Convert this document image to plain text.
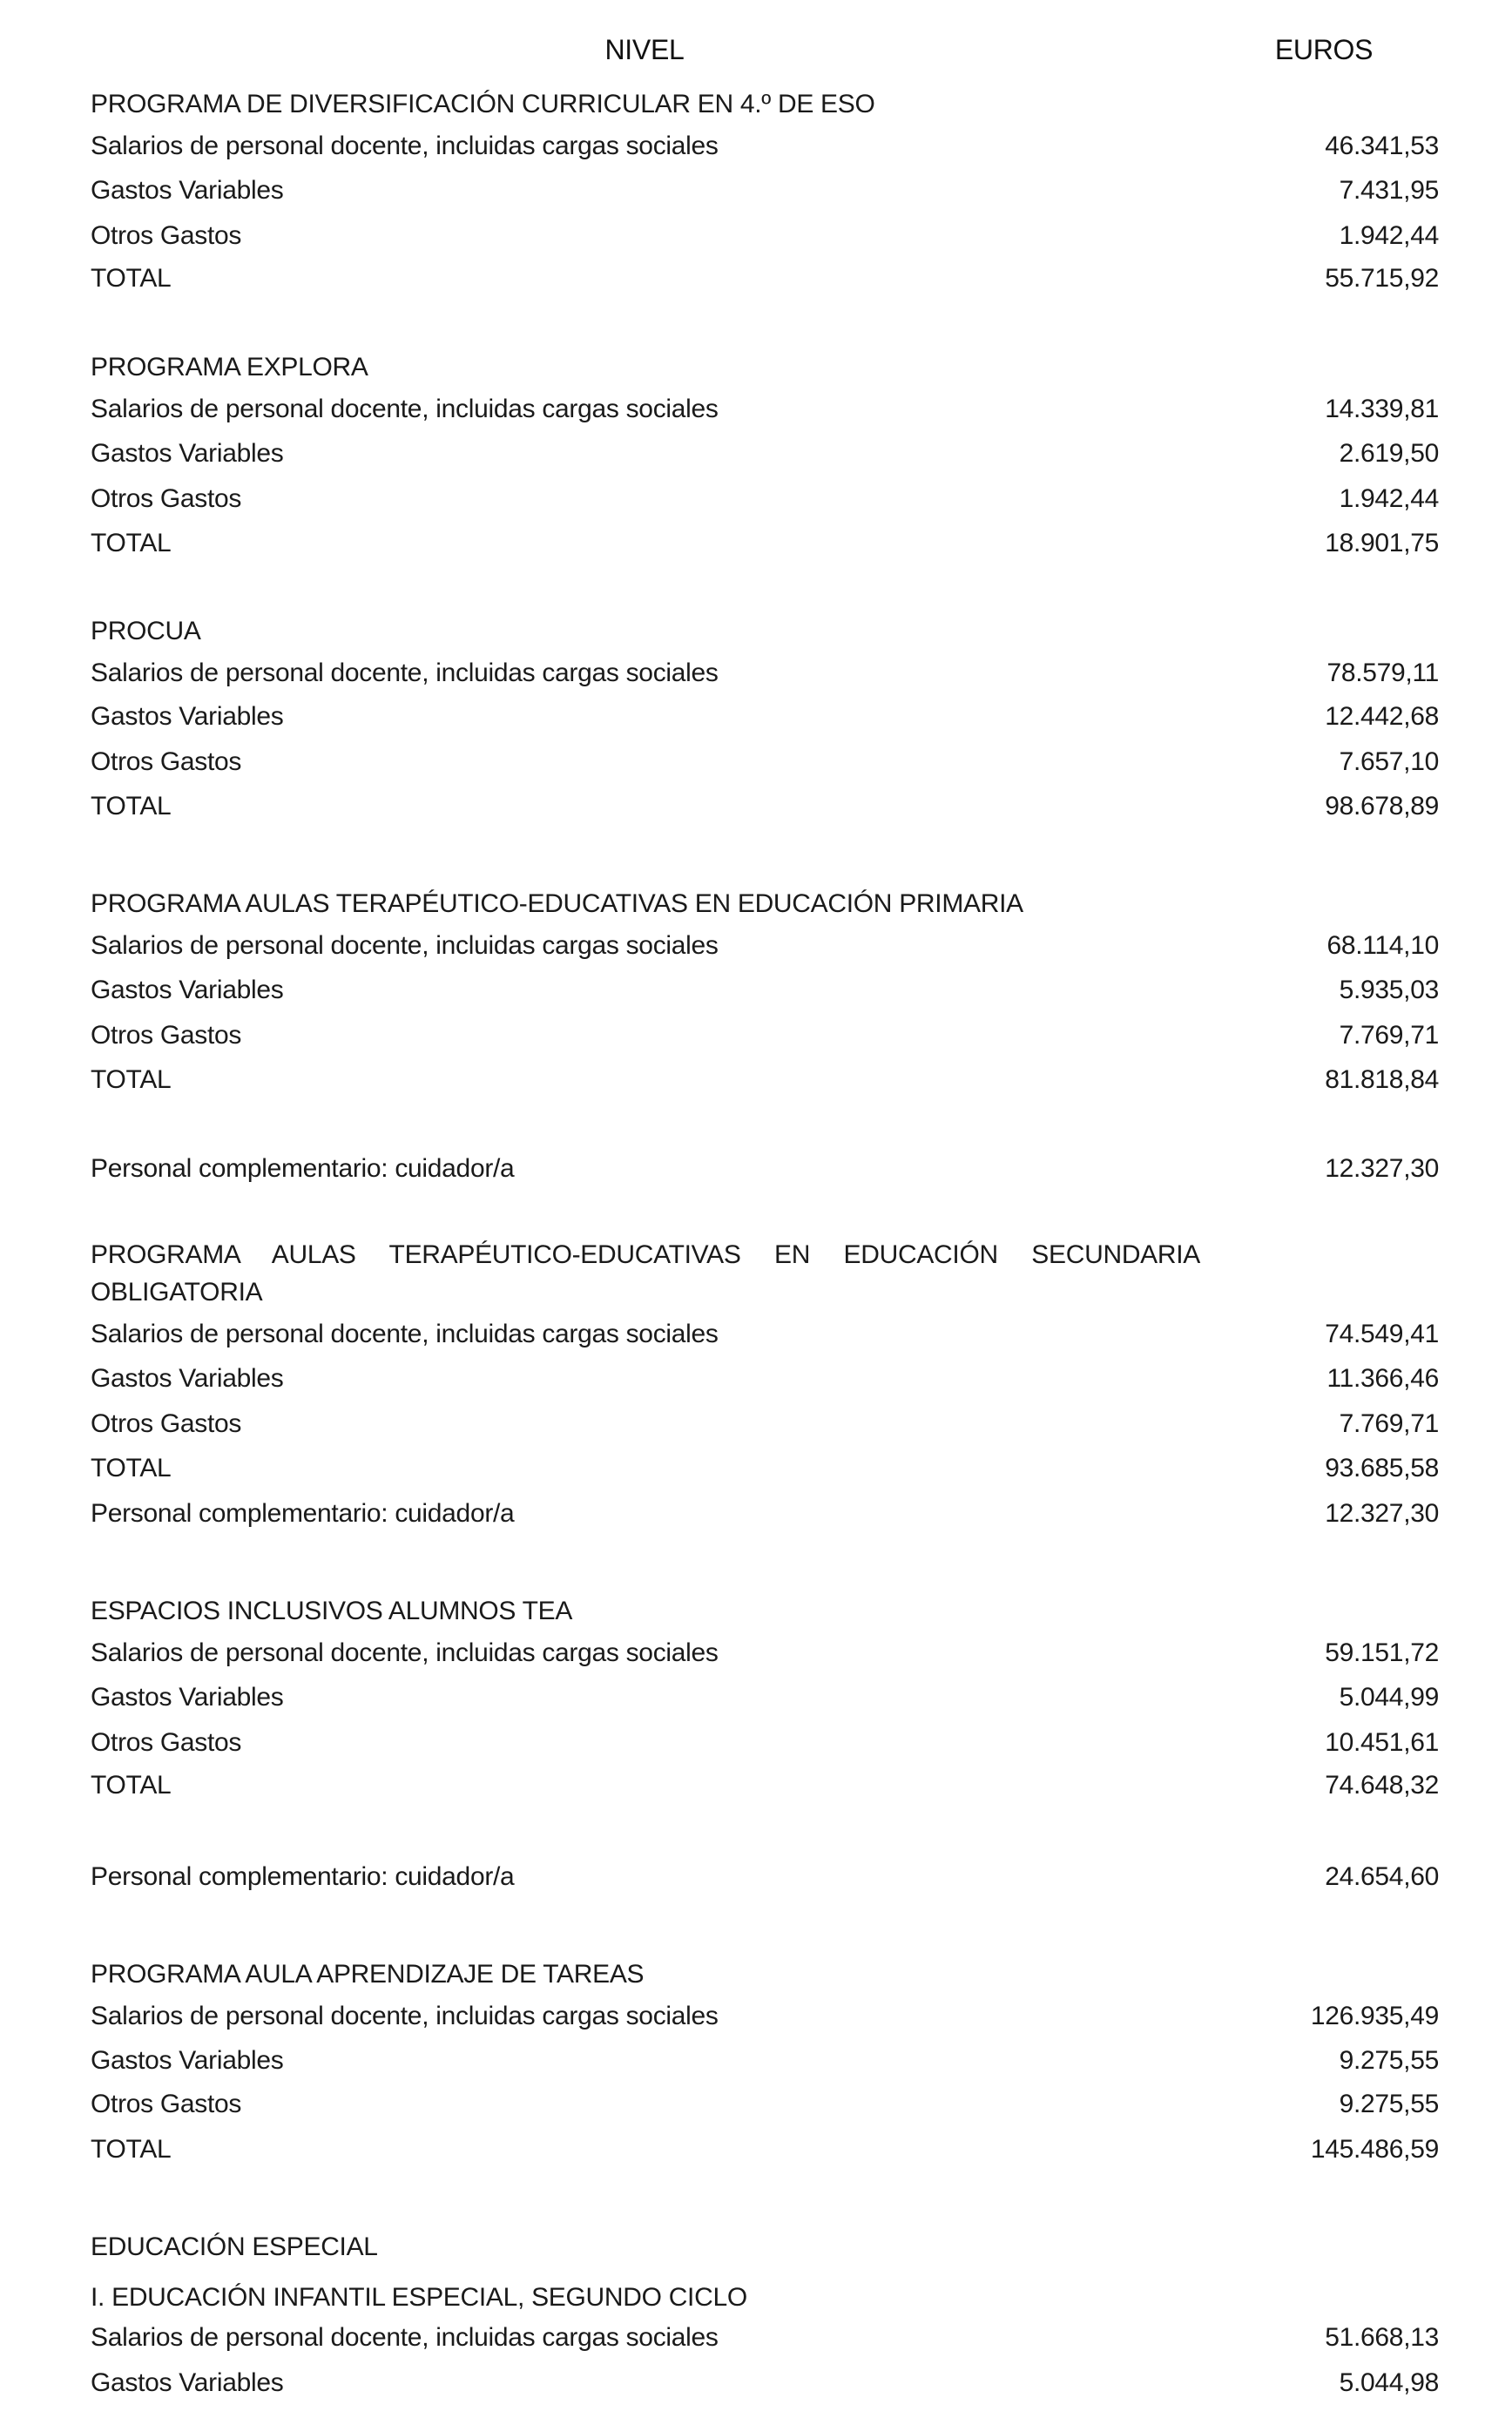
NIVEL	EUROS
PROGRAMA DE DIVERSIFICACIÓN CURRICULAR EN 4.º DE ESO
Salarios de personal docente, incluidas cargas sociales	46.341,53
Gastos Variables	7.431,95
Otros Gastos	1.942,44
TOTAL	55.715,92
PROGRAMA EXPLORA
Salarios de personal docente, incluidas cargas sociales	14.339,81
Gastos Variables	2.619,50
Otros Gastos	1.942,44
TOTAL	18.901,75
PROCUA
Salarios de personal docente, incluidas cargas sociales	78.579,11
Gastos Variables	12.442,68
Otros Gastos	7.657,10
TOTAL	98.678,89
PROGRAMA AULAS TERAPÉUTICO-EDUCATIVAS EN EDUCACIÓN PRIMARIA
Salarios de personal docente, incluidas cargas sociales	68.114,10
Gastos Variables	5.935,03
Otros Gastos	7.769,71
TOTAL	81.818,84
Personal complementario: cuidador/a	12.327,30
PROGRAMA AULAS TERAPÉUTICO-EDUCATIVAS EN EDUCACIÓN SECUNDARIA
OBLIGATORIA
Salarios de personal docente, incluidas cargas sociales	74.549,41
Gastos Variables	11.366,46
Otros Gastos	7.769,71
TOTAL	93.685,58
Personal complementario: cuidador/a	12.327,30
ESPACIOS INCLUSIVOS ALUMNOS TEA
Salarios de personal docente, incluidas cargas sociales	59.151,72
Gastos Variables	5.044,99
Otros Gastos	10.451,61
TOTAL	74.648,32
Personal complementario: cuidador/a	24.654,60
PROGRAMA AULA APRENDIZAJE DE TAREAS
Salarios de personal docente, incluidas cargas sociales	126.935,49
Gastos Variables	9.275,55
Otros Gastos	9.275,55
TOTAL	145.486,59
EDUCACIÓN ESPECIAL
I. EDUCACIÓN INFANTIL ESPECIAL, SEGUNDO CICLO
Salarios de personal docente, incluidas cargas sociales	51.668,13
Gastos Variables	5.044,98
